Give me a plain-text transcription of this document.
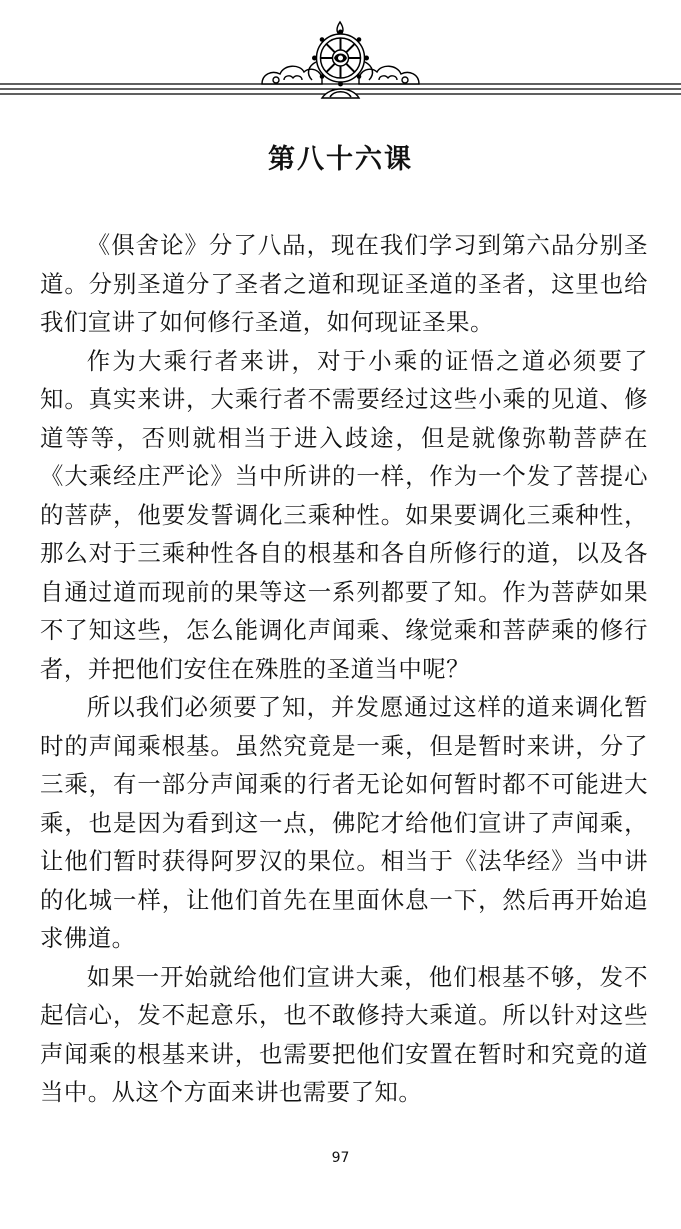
第八十六课

《俱舍论》分了八品，现在我们学习到第六品分别圣道。分别圣道分了圣者之道和现证圣道的圣者，这里也给我们宣讲了如何修行圣道，如何现证圣果。

作为大乘行者来讲，对于小乘的证悟之道必须要了知。真实来讲，大乘行者不需要经过这些小乘的见道、修道等等，否则就相当于进入歧途，但是就像弥勒菩萨在《大乘经庄严论》当中所讲的一样，作为一个发了菩提心的菩萨，他要发誓调化三乘种性。如果要调化三乘种性，那么对于三乘种性各自的根基和各自所修行的道，以及各自通过道而现前的果等这一系列都要了知。作为菩萨如果不了知这些，怎么能调化声闻乘、缘觉乘和菩萨乘的修行者，并把他们安住在殊胜的圣道当中呢？

所以我们必须要了知，并发愿通过这样的道来调化暂时的声闻乘根基。虽然究竟是一乘，但是暂时来讲，分了三乘，有一部分声闻乘的行者无论如何暂时都不可能进大乘，也是因为看到这一点，佛陀才给他们宣讲了声闻乘，让他们暂时获得阿罗汉的果位。相当于《法华经》当中讲的化城一样，让他们首先在里面休息一下，然后再开始追求佛道。

如果一开始就给他们宣讲大乘，他们根基不够，发不起信心，发不起意乐，也不敢修持大乘道。所以针对这些声闻乘的根基来讲，也需要把他们安置在暂时和究竟的道当中。从这个方面来讲也需要了知。

97
